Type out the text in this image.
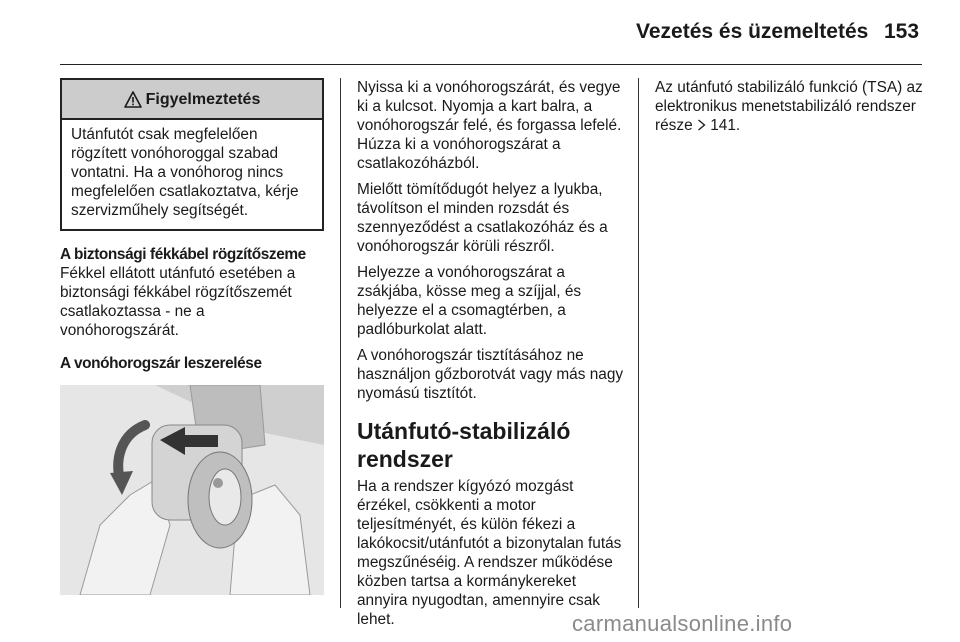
Vezetés és üzemeltetés 153
Figyelmeztetés
Utánfutót csak megfelelően rögzített vonóhoroggal szabad vontatni. Ha a vonóhorog nincs megfelelően csatlakoztatva, kérje szervizműhely segítségét.

A biztonsági fékkábel rögzítőszeme

Fékkel ellátott utánfutó esetében a biztonsági fékkábel rögzítőszemét csatlakoztassa - ne a vonóhorogszárát.

A vonóhorogszár leszerelése

Nyissa ki a vonóhorogszárát, és vegye ki a kulcsot. Nyomja a kart balra, a vonóhorogszár felé, és forgassa lefelé. Húzza ki a vonóhorogszárat a csatlakozóházból.

Mielőtt tömítődugót helyez a lyukba, távolítson el minden rozsdát és szennyeződést a csatlakozóház és a vonóhorogszár körüli részről.

Helyezze a vonóhorogszárat a zsákjába, kösse meg a szíjjal, és helyezze el a csomagtérben, a padlóburkolat alatt.

A vonóhorogszár tisztításához ne használjon gőzborotvát vagy más nagy nyomású tisztítót.

Utánfutó-stabilizáló rendszer

Ha a rendszer kígyózó mozgást érzékel, csökkenti a motor teljesítményét, és külön fékezi a lakókocsit/utánfutót a bizonytalan futás megszűnéséig. A rendszer működése közben tartsa a kormánykereket annyira nyugodtan, amennyire csak lehet.

Az utánfutó stabilizáló funkció (TSA) az elektronikus menetstabilizáló rendszer része 141.

carmanualsonline.info
